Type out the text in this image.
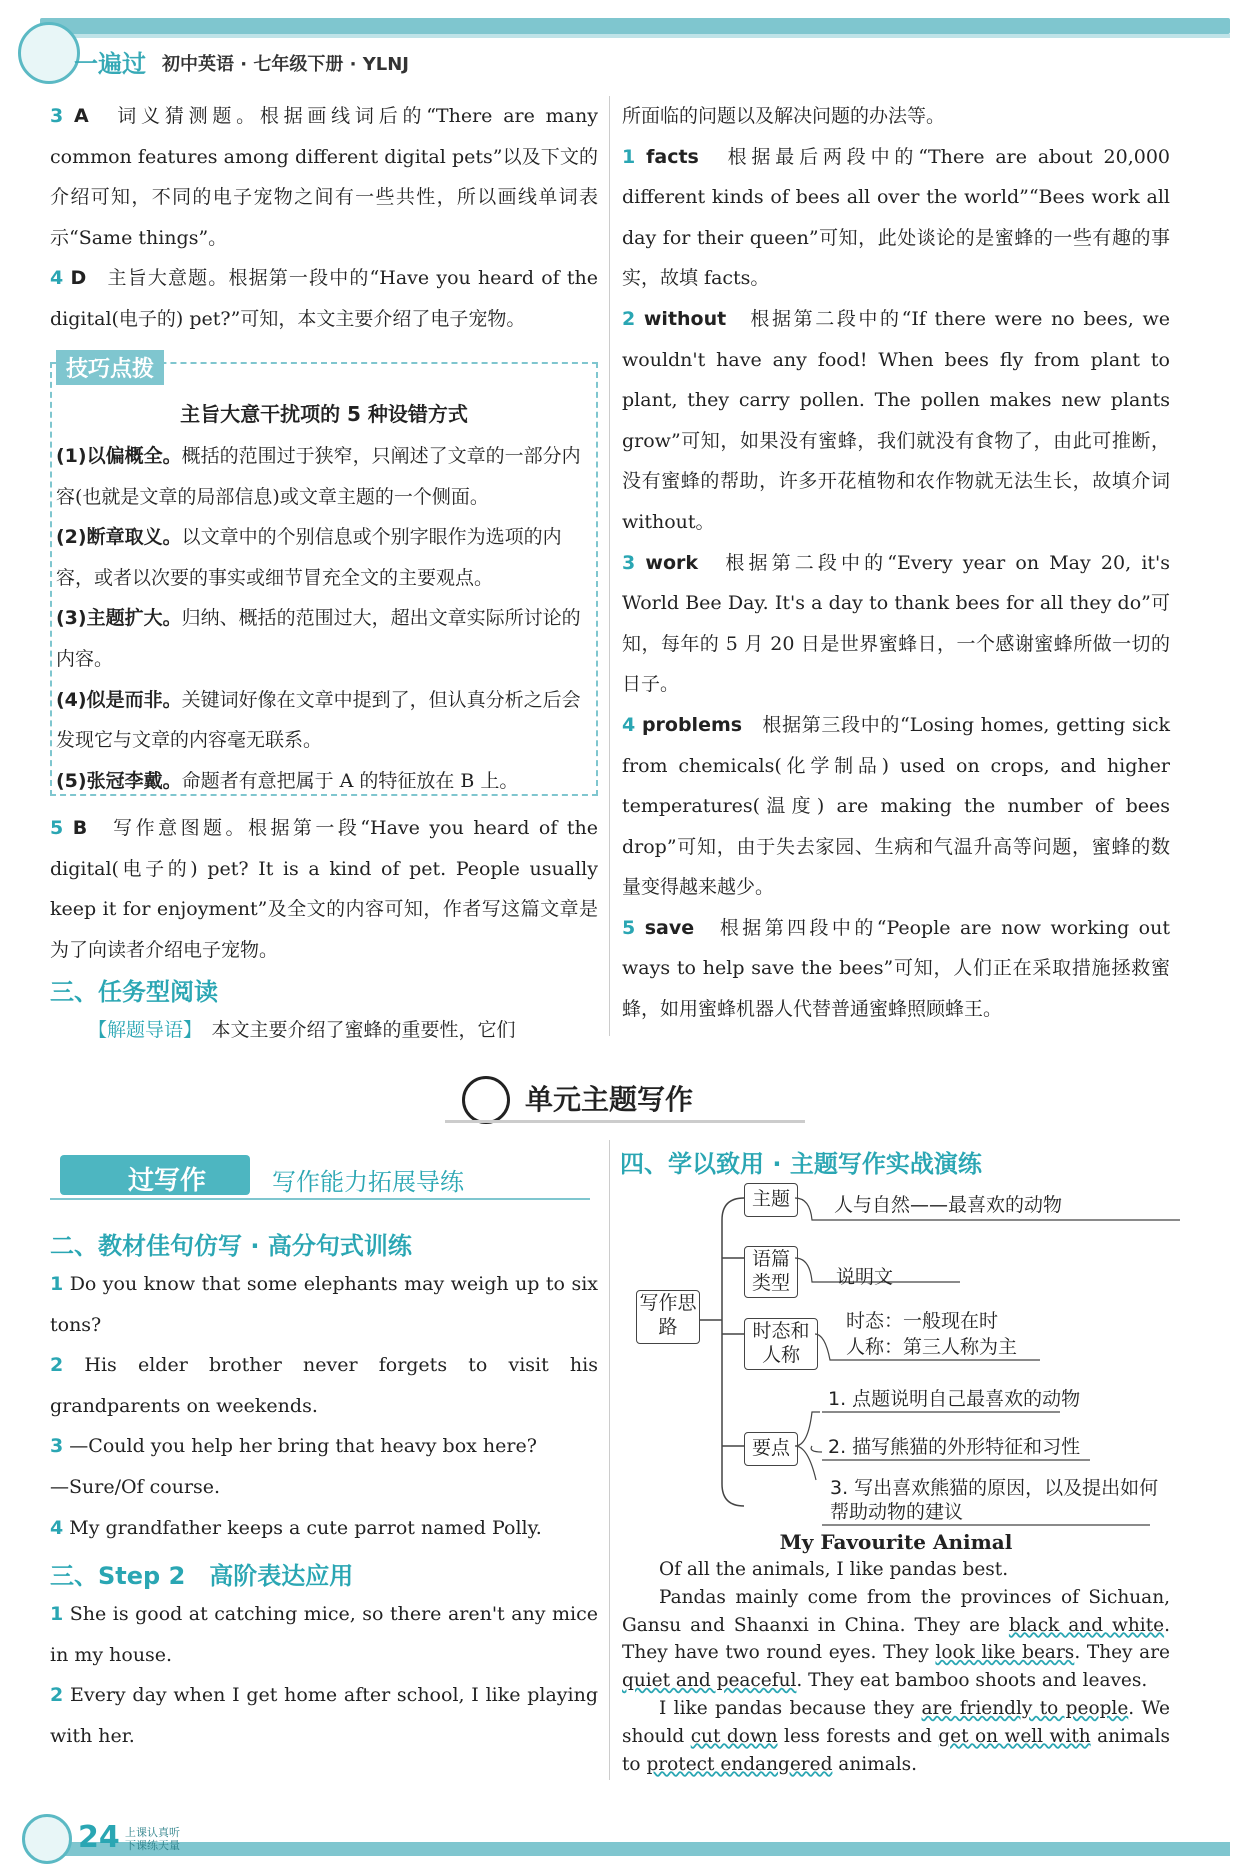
一遍过 初中英语 · 七年级下册 · YLNJ

3 A　 词义猜测题。根据画线词后的“There are many common features among different digital pets”以及下文的介绍可知，不同的电子宠物之间有一些共性，所以画线单词表示“Same things”。

4 D　 主旨大意题。根据第一段中的“Have you heard of the digital(电子的) pet?”可知，本文主要介绍了电子宠物。

技巧点拨
主旨大意干扰项的 5 种设错方式

(1)以偏概全。概括的范围过于狭窄，只阐述了文章的一部分内容(也就是文章的局部信息)或文章主题的一个侧面。

(2)断章取义。以文章中的个别信息或个别字眼作为选项的内容，或者以次要的事实或细节冒充全文的主要观点。

(3)主题扩大。归纳、概括的范围过大，超出文章实际所讨论的内容。

(4)似是而非。关键词好像在文章中提到了，但认真分析之后会发现它与文章的内容毫无联系。

(5)张冠李戴。命题者有意把属于 A 的特征放在 B 上。

5 B　 写作意图题。根据第一段“Have you heard of the digital(电子的) pet? It is a kind of pet. People usually keep it for enjoyment”及全文的内容可知，作者写这篇文章是为了向读者介绍电子宠物。

三、任务型阅读
【解题导语】　 本文主要介绍了蜜蜂的重要性，它们

所面临的问题以及解决问题的办法等。

1 facts　 根据最后两段中的“There are about 20,000 different kinds of bees all over the world”“Bees work all day for their queen”可知，此处谈论的是蜜蜂的一些有趣的事实，故填 facts。

2 without　 根据第二段中的“If there were no bees, we wouldn't have any food! When bees fly from plant to plant, they carry pollen. The pollen makes new plants grow”可知，如果没有蜜蜂，我们就没有食物了，由此可推断，没有蜜蜂的帮助，许多开花植物和农作物就无法生长，故填介词 without。

3 work　 根据第二段中的“Every year on May 20, it's World Bee Day. It's a day to thank bees for all they do”可知，每年的 5 月 20 日是世界蜜蜂日，一个感谢蜜蜂所做一切的日子。

4 problems　 根据第三段中的“Losing homes, getting sick from chemicals(化学制品) used on crops, and higher temperatures(温度) are making the number of bees drop”可知，由于失去家园、生病和气温升高等问题，蜜蜂的数量变得越来越少。

5 save　 根据第四段中的“People are now working out ways to help save the bees”可知，人们正在采取措施拯救蜜蜂，如用蜜蜂机器人代替普通蜜蜂照顾蜂王。

单元主题写作
过写作	写作能力拓展导练
二、教材佳句仿写 · 高分句式训练

1 Do you know that some elephants may weigh up to six tons?

2 His elder brother never forgets to visit his grandparents on weekends.

3 —Could you help her bring that heavy box here?

—Sure/Of course.

4 My grandfather keeps a cute parrot named Polly.

三、Step 2　高阶表达应用

1 She is good at catching mice, so there aren't any mice in my house.

2 Every day when I get home after school, I like playing with her.

四、学以致用 · 主题写作实战演练
写作思路
主题	人与自然——最喜欢的动物
语篇类型	说明文
时态和人称
时态：一般现在时
人称：第三人称为主
要点
1. 点题说明自己最喜欢的动物
2. 描写熊猫的外形特征和习性
3. 写出喜欢熊猫的原因，以及提出如何帮助动物的建议
My Favourite Animal

Of all the animals, I like pandas best.

Pandas mainly come from the provinces of Sichuan, Gansu and Shaanxi in China. They are black and white. They have two round eyes. They look like bears. They are quiet and peaceful. They eat bamboo shoots and leaves.

I like pandas because they are friendly to people. We should cut down less forests and get on well with animals to protect endangered animals.

24 上课认真听
下课练天量
